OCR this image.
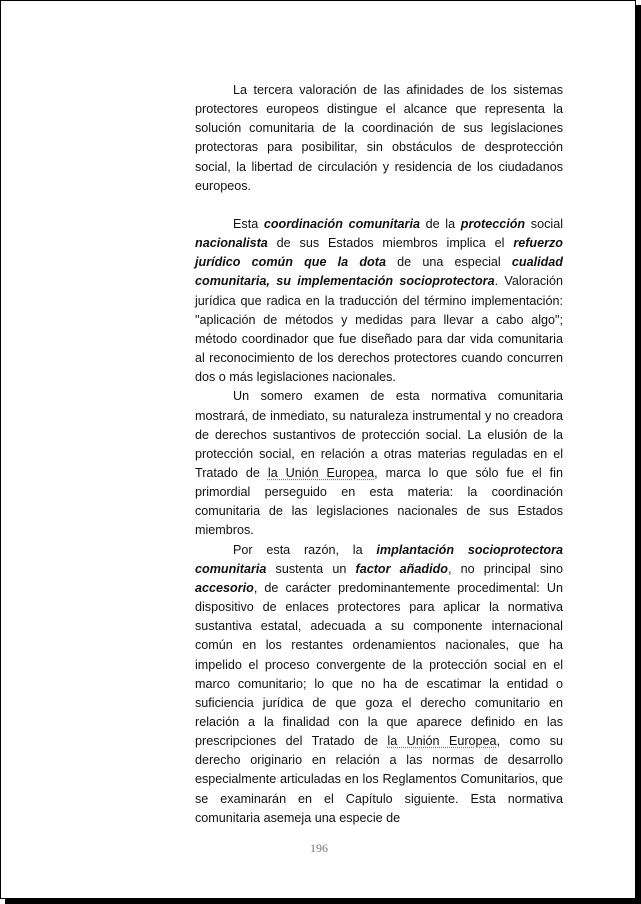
La tercera valoración de las afinidades de los sistemas protectores europeos distingue el alcance que representa la solución comunitaria de la coordinación de sus legislaciones protectoras para posibilitar, sin obstáculos de desprotección social, la libertad de circulación y residencia de los ciudadanos europeos.

Esta coordinación comunitaria de la protección social nacionalista de sus Estados miembros implica el refuerzo jurídico común que la dota de una especial cualidad comunitaria, su implementación socioprotectora. Valoración jurídica que radica en la traducción del término implementación: "aplicación de métodos y medidas para llevar a cabo algo"; método coordinador que fue diseñado para dar vida comunitaria al reconocimiento de los derechos protectores cuando concurren dos o más legislaciones nacionales.

Un somero examen de esta normativa comunitaria mostrará, de inmediato, su naturaleza instrumental y no creadora de derechos sustantivos de protección social. La elusión de la protección social, en relación a otras materias reguladas en el Tratado de la Unión Europea, marca lo que sólo fue el fin primordial perseguido en esta materia: la coordinación comunitaria de las legislaciones nacionales de sus Estados miembros.

Por esta razón, la implantación socioprotectora comunitaria sustenta un factor añadido, no principal sino accesorio, de carácter predominantemente procedimental: Un dispositivo de enlaces protectores para aplicar la normativa sustantiva estatal, adecuada a su componente internacional común en los restantes ordenamientos nacionales, que ha impelido el proceso convergente de la protección social en el marco comunitario; lo que no ha de escatimar la entidad o suficiencia jurídica de que goza el derecho comunitario en relación a la finalidad con la que aparece definido en las prescripciones del Tratado de la Unión Europea, como su derecho originario en relación a las normas de desarrollo especialmente articuladas en los Reglamentos Comunitarios, que se examinarán en el Capítulo siguiente. Esta normativa comunitaria asemeja una especie de

196
